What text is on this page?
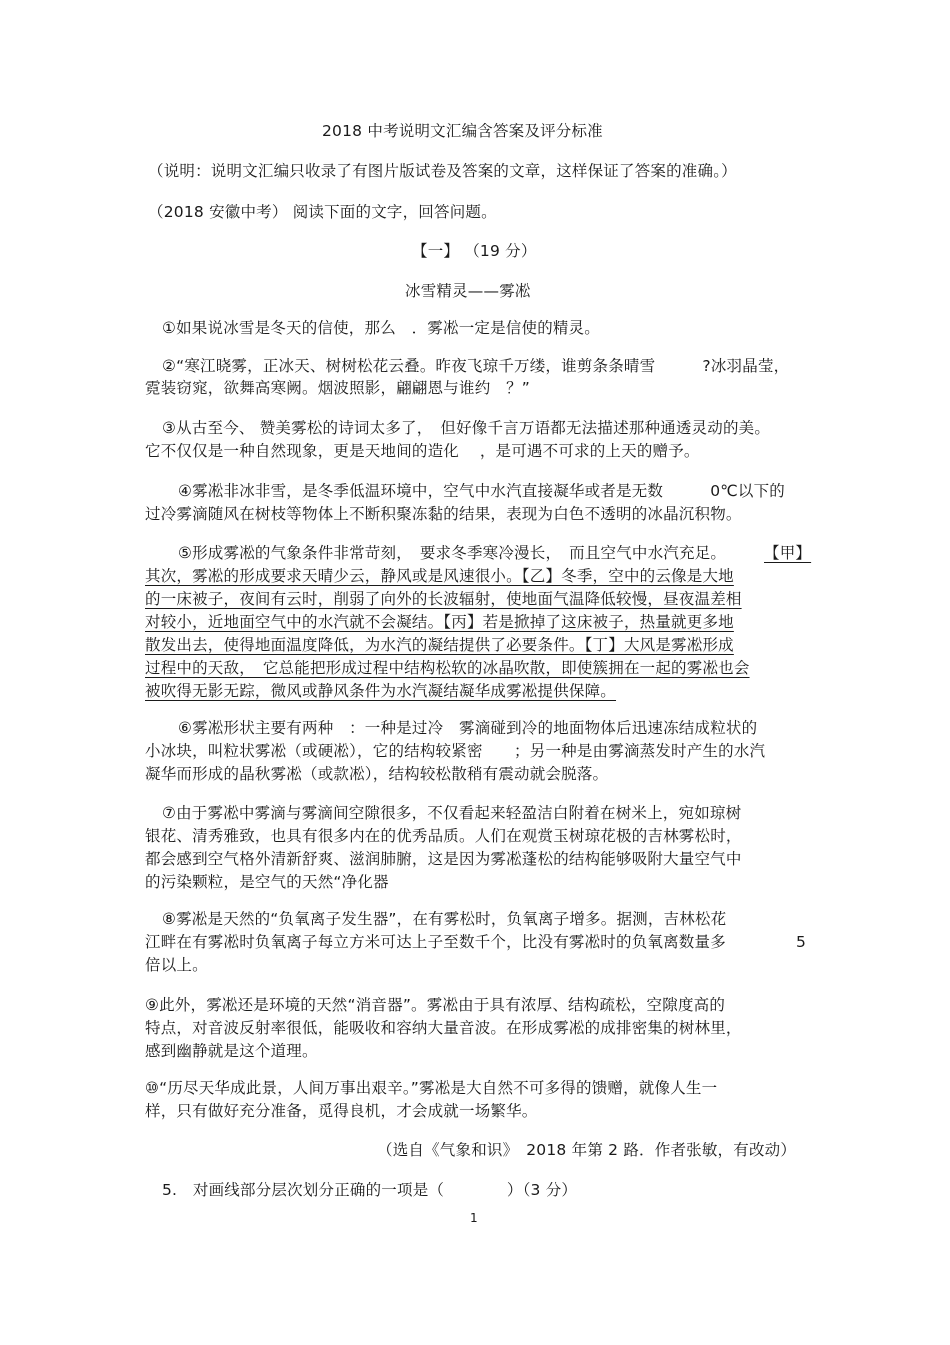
2018 中考说明文汇编含答案及评分标准
（说明：说明文汇编只收录了有图片版试卷及答案的文章，这样保证了答案的准确。）
（2018 安徽中考） 阅读下面的文字，回答问题。
【一】 （19 分）
冰雪精灵——雾凇
①如果说冰雪是冬天的信使，那么　．雾凇一定是信使的精灵。
②“寒江晓雾，正冰天、树树松花云叠。昨夜飞琼千万缕，谁剪条条晴雪　　　?冰羽晶莹，
霓装窃窕，欲舞高寒阙。烟波照影，翩翩恩与谁约　？”
③从古至今、 赞美雾松的诗词太多了，　但好像千言万语都无法描述那种通透灵动的美。
它不仅仅是一种自然现象，更是天地间的造化　 ，是可遇不可求的上天的赠予。
④雾凇非冰非雪，是冬季低温环境中，空气中水汽直接凝华或者是无数　　　0℃以下的
过冷雾滴随风在树枝等物体上不断积聚冻黏的结果，表现为白色不透明的冰晶沉积物。
⑤形成雾凇的气象条件非常苛刻，　要求冬季寒冷漫长，　而且空气中水汽充足。 【甲】
其次，雾凇的形成要求天晴少云，静风或是风速很小。【乙】冬季，空中的云像是大地
的一床被子，夜间有云时，削弱了向外的长波辐射，使地面气温降低较慢，昼夜温差相
对较小，近地面空气中的水汽就不会凝结。【丙】若是掀掉了这床被子，热量就更多地
散发出去，使得地面温度降低，为水汽的凝结提供了必要条件。【丁】大风是雾凇形成
过程中的天敌，　它总能把形成过程中结构松软的冰晶吹散，即使簇拥在一起的雾凇也会
被吹得无影无踪，微风或静风条件为水汽凝结凝华成雾凇提供保障。
⑥雾凇形状主要有两种　：一种是过冷　雾滴碰到冷的地面物体后迅速冻结成粒状的
小冰块，叫粒状雾凇（或硬凇），它的结构较紧密　　；另一种是由雾滴蒸发时产生的水汽
凝华而形成的晶秋雾凇（或款凇），结构较松散稍有震动就会脱落。
⑦由于雾凇中雾滴与雾滴间空隙很多，不仅看起来轻盈洁白附着在树米上，宛如琼树
银花、清秀雅致，也具有很多内在的优秀品质。人们在观赏玉树琼花极的吉林雾松时，
都会感到空气格外清新舒爽、滋润肺腑，这是因为雾凇蓬松的结构能够吸附大量空气中
的污染颗粒，是空气的天然“净化器
⑧雾凇是天然的“负氧离子发生器”，在有雾松时，负氧离子增多。据测，吉林松花
江畔在有雾凇时负氧离子每立方米可达上子至数千个，比没有雾凇时的负氧离数量多	5
倍以上。
⑨此外，雾凇还是环境的天然“消音器”。雾凇由于具有浓厚、结构疏松，空隙度高的
特点，对音波反射率很低，能吸收和容纳大量音波。在形成雾凇的成排密集的树林里，
感到幽静就是这个道理。
⑩“历尽天华成此景，人间万事出艰辛。”雾凇是大自然不可多得的馈赠，就像人生一
样，只有做好充分准备，觅得良机，才会成就一场繁华。
（选自《气象和识》　2018 年第 2 路．作者张敏，有改动）
5.　对画线部分层次划分正确的一项是（　　　　）（3 分）
1
